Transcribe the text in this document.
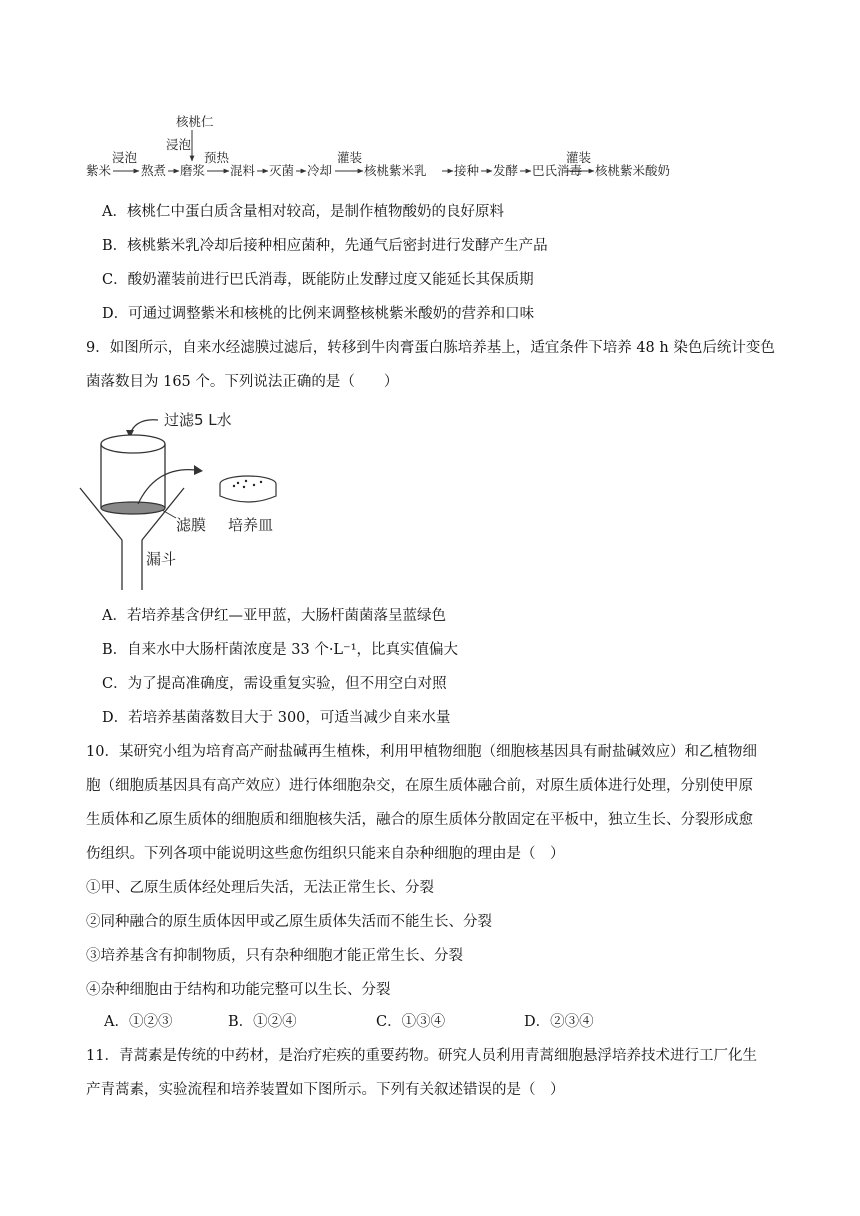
核桃仁
浸泡
紫米
浸泡
熬煮 磨浆
预热
混料 灭菌 冷却
灌装
核桃紫米乳 接种 发酵 巴氏消毒
灌装
核桃紫米酸奶
A．核桃仁中蛋白质含量相对较高，是制作植物酸奶的良好原料
B．核桃紫米乳冷却后接种相应菌种，先通气后密封进行发酵产生产品
C．酸奶灌装前进行巴氏消毒，既能防止发酵过度又能延长其保质期
D．可通过调整紫米和核桃的比例来调整核桃紫米酸奶的营养和口味
9．如图所示，自来水经滤膜过滤后，转移到牛肉膏蛋白胨培养基上，适宜条件下培养 48 h 染色后统计变色
菌落数目为 165 个。下列说法正确的是（　　）
过滤5 L水
滤膜 培养皿
漏斗
A．若培养基含伊红—亚甲蓝，大肠杆菌菌落呈蓝绿色
B．自来水中大肠杆菌浓度是 33 个·L⁻¹，比真实值偏大
C．为了提高准确度，需设重复实验，但不用空白对照
D．若培养基菌落数目大于 300，可适当减少自来水量
10．某研究小组为培育高产耐盐碱再生植株，利用甲植物细胞（细胞核基因具有耐盐碱效应）和乙植物细
胞（细胞质基因具有高产效应）进行体细胞杂交，在原生质体融合前，对原生质体进行处理，分别使甲原
生质体和乙原生质体的细胞质和细胞核失活，融合的原生质体分散固定在平板中，独立生长、分裂形成愈
伤组织。下列各项中能说明这些愈伤组织只能来自杂种细胞的理由是（　）
①甲、乙原生质体经处理后失活，无法正常生长、分裂
②同种融合的原生质体因甲或乙原生质体失活而不能生长、分裂
③培养基含有抑制物质，只有杂种细胞才能正常生长、分裂
④杂种细胞由于结构和功能完整可以生长、分裂
A．①②③	B．①②④	C．①③④	D．②③④
11．青蒿素是传统的中药材，是治疗疟疾的重要药物。研究人员利用青蒿细胞悬浮培养技术进行工厂化生
产青蒿素，实验流程和培养装置如下图所示。下列有关叙述错误的是（　）
